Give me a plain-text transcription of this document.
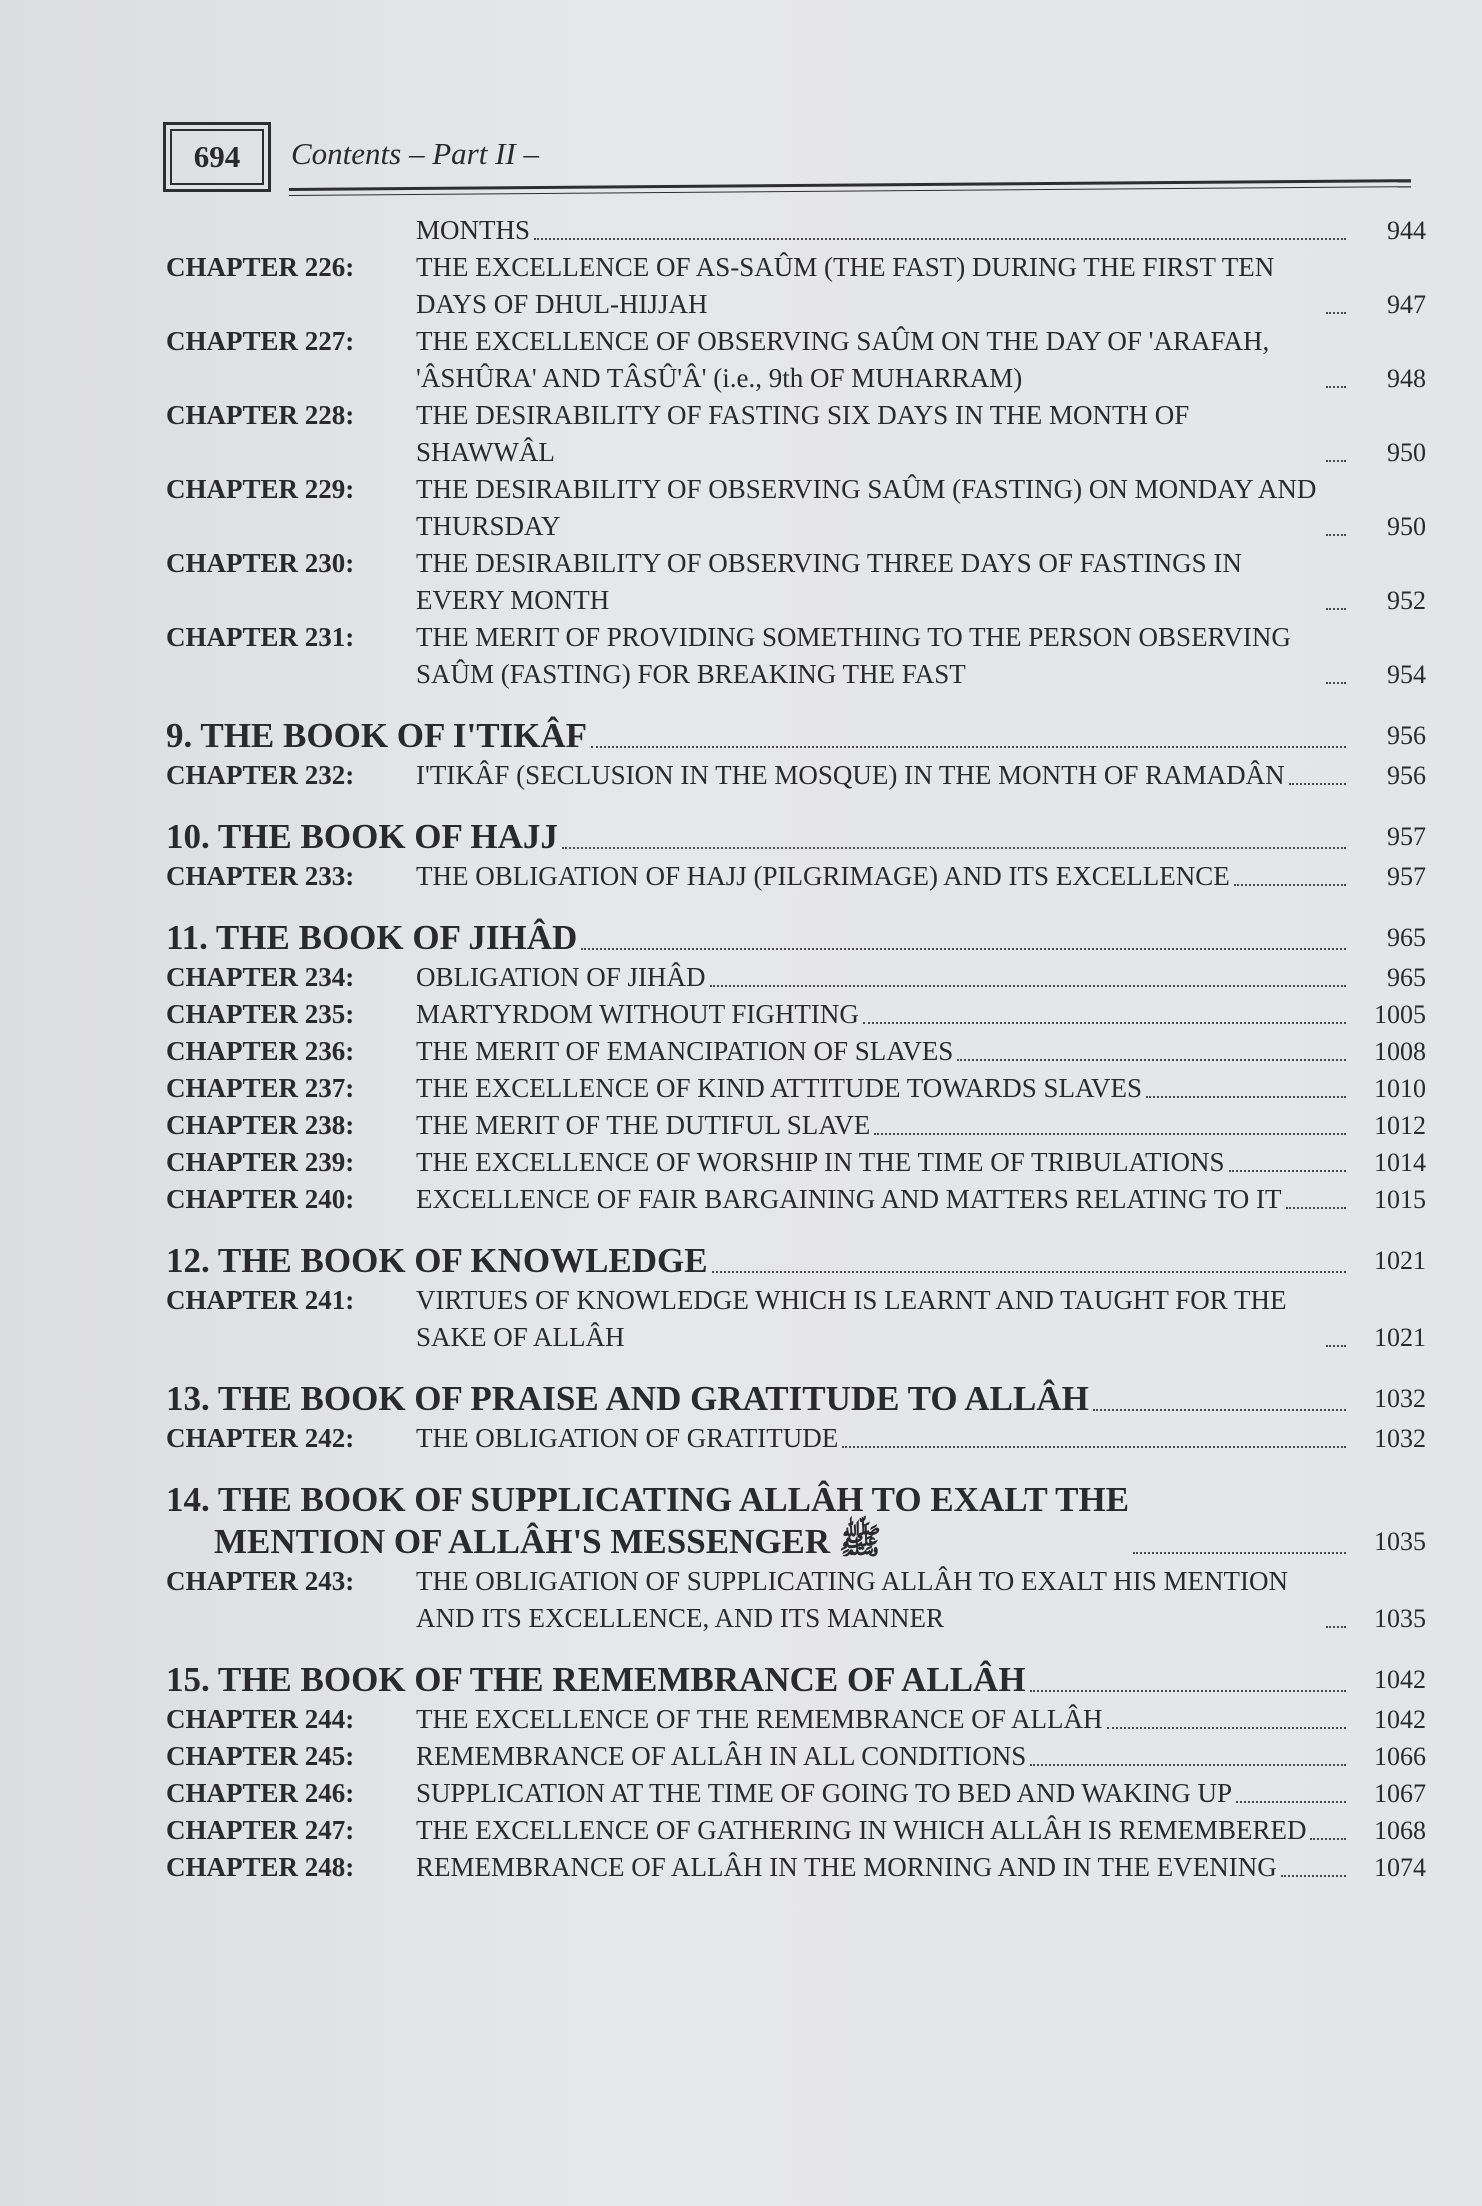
694	Contents – Part II –
MONTHS	944
CHAPTER 226:	THE EXCELLENCE OF AS-SAÛM (THE FAST) DURING THE FIRST TEN DAYS OF DHUL-HIJJAH	947
CHAPTER 227:	THE EXCELLENCE OF OBSERVING SAÛM ON THE DAY OF 'ARAFAH, 'ÂSHÛRA' AND TÂSÛ'Â' (i.e., 9th OF MUHARRAM)	948
CHAPTER 228:	THE DESIRABILITY OF FASTING SIX DAYS IN THE MONTH OF SHAWWÂL	950
CHAPTER 229:	THE DESIRABILITY OF OBSERVING SAÛM (FASTING) ON MONDAY AND THURSDAY	950
CHAPTER 230:	THE DESIRABILITY OF OBSERVING THREE DAYS OF FASTINGS IN EVERY MONTH	952
CHAPTER 231:	THE MERIT OF PROVIDING SOMETHING TO THE PERSON OBSERVING SAÛM (FASTING) FOR BREAKING THE FAST	954
9. THE BOOK OF I'TIKÂF	956
CHAPTER 232:	I'TIKÂF (SECLUSION IN THE MOSQUE) IN THE MONTH OF RAMADÂN	956
10. THE BOOK OF HAJJ	957
CHAPTER 233:	THE OBLIGATION OF HAJJ (PILGRIMAGE) AND ITS EXCELLENCE	957
11. THE BOOK OF JIHÂD	965
CHAPTER 234:	OBLIGATION OF JIHÂD	965
CHAPTER 235:	MARTYRDOM WITHOUT FIGHTING	1005
CHAPTER 236:	THE MERIT OF EMANCIPATION OF SLAVES	1008
CHAPTER 237:	THE EXCELLENCE OF KIND ATTITUDE TOWARDS SLAVES	1010
CHAPTER 238:	THE MERIT OF THE DUTIFUL SLAVE	1012
CHAPTER 239:	THE EXCELLENCE OF WORSHIP IN THE TIME OF TRIBULATIONS	1014
CHAPTER 240:	EXCELLENCE OF FAIR BARGAINING AND MATTERS RELATING TO IT	1015
12. THE BOOK OF KNOWLEDGE	1021
CHAPTER 241:	VIRTUES OF KNOWLEDGE WHICH IS LEARNT AND TAUGHT FOR THE SAKE OF ALLÂH	1021
13. THE BOOK OF PRAISE AND GRATITUDE TO ALLÂH	1032
CHAPTER 242:	THE OBLIGATION OF GRATITUDE	1032
14. THE BOOK OF SUPPLICATING ALLÂH TO EXALT THE
MENTION OF ALLÂH'S MESSENGER ﷺ	1035
CHAPTER 243:	THE OBLIGATION OF SUPPLICATING ALLÂH TO EXALT HIS MENTION AND ITS EXCELLENCE, AND ITS MANNER	1035
15. THE BOOK OF THE REMEMBRANCE OF ALLÂH	1042
CHAPTER 244:	THE EXCELLENCE OF THE REMEMBRANCE OF ALLÂH	1042
CHAPTER 245:	REMEMBRANCE OF ALLÂH IN ALL CONDITIONS	1066
CHAPTER 246:	SUPPLICATION AT THE TIME OF GOING TO BED AND WAKING UP	1067
CHAPTER 247:	THE EXCELLENCE OF GATHERING IN WHICH ALLÂH IS REMEMBERED	1068
CHAPTER 248:	REMEMBRANCE OF ALLÂH IN THE MORNING AND IN THE EVENING	1074
